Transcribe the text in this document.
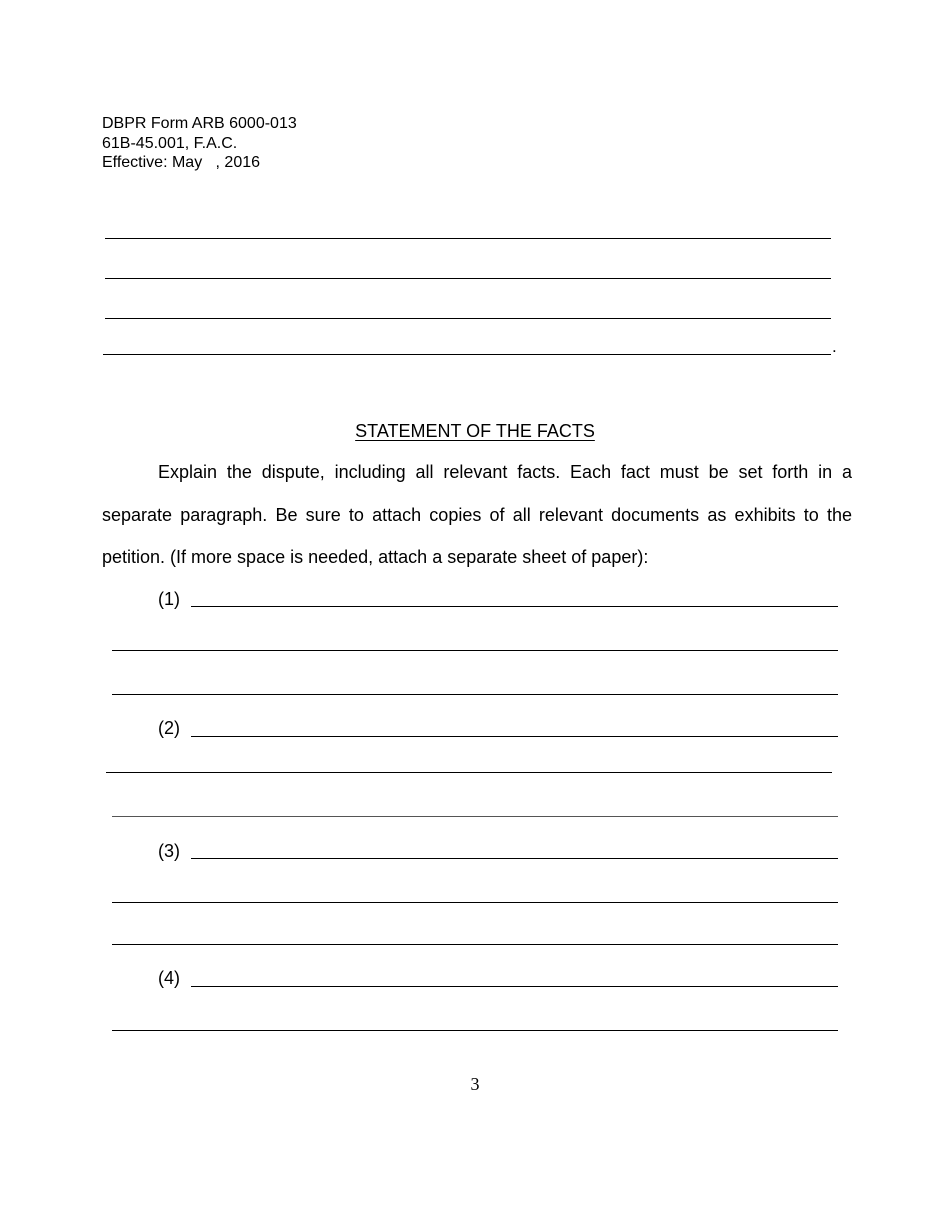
DBPR Form ARB 6000-013
61B-45.001, F.A.C.
Effective: May   , 2016
.
STATEMENT OF THE FACTS
Explain the dispute, including all relevant facts. Each fact must be set forth in a separate paragraph. Be sure to attach copies of all relevant documents as exhibits to the petition. (If more space is needed, attach a separate sheet of paper):
(1)
(2)
(3)
(4)
3
